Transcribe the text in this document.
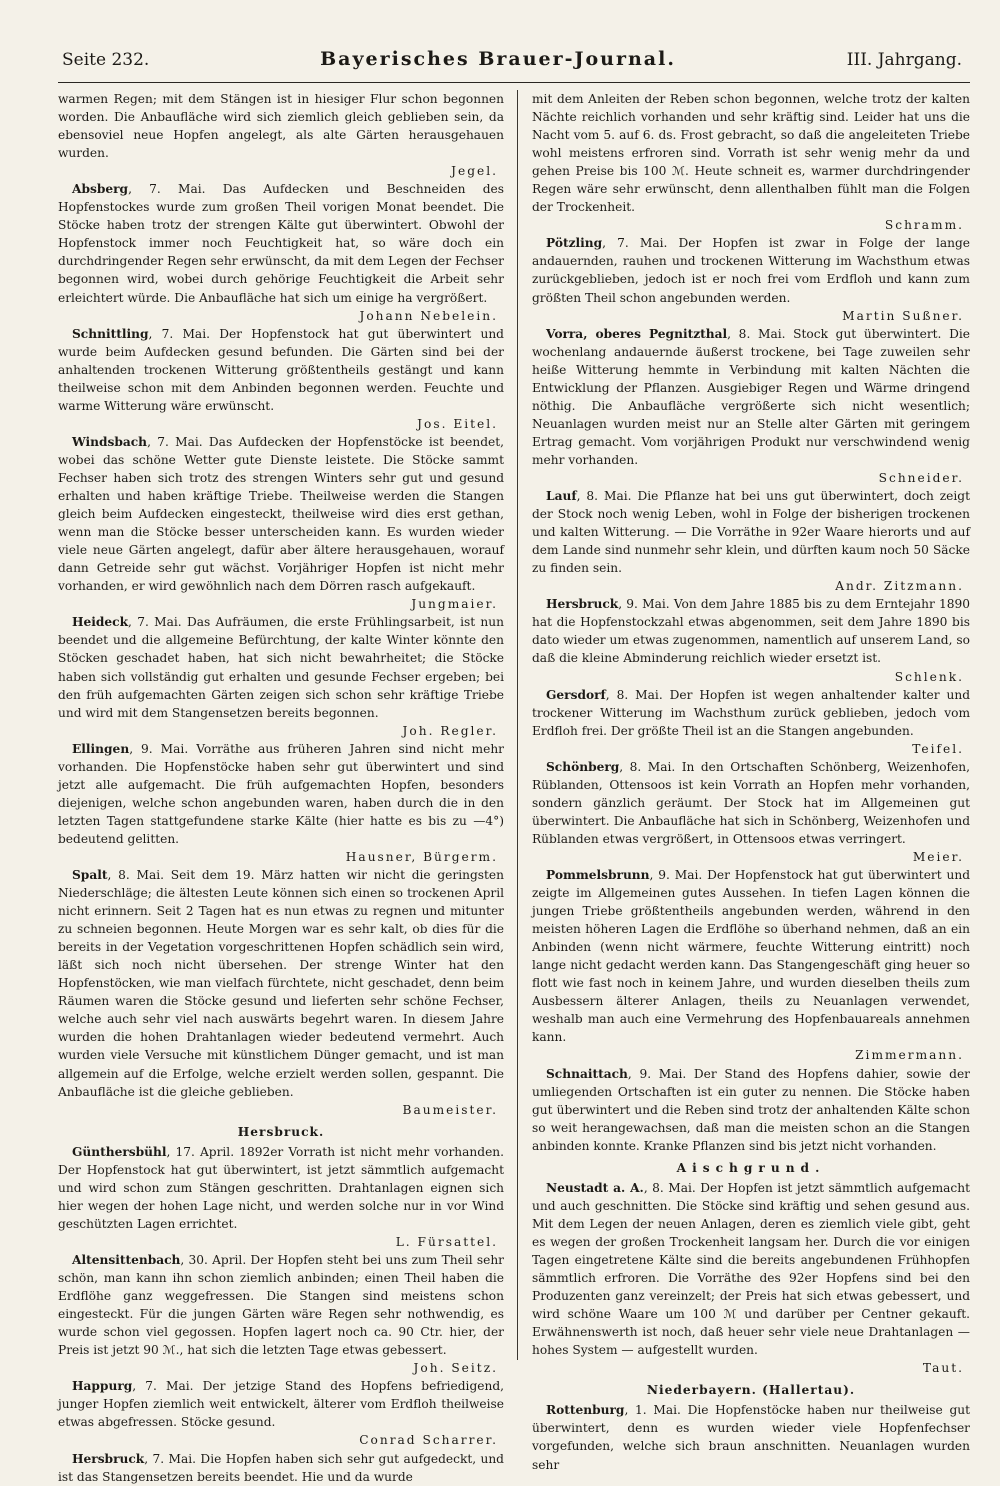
Seite 232.	Bayerisches Brauer-Journal.	III. Jahrgang.

warmen Regen; mit dem Stängen ist in hiesiger Flur schon begonnen worden. Die Anbaufläche wird sich ziemlich gleich geblieben sein, da ebensoviel neue Hopfen angelegt, als alte Gärten herausgehauen wurden.

Jegel.

Absberg, 7. Mai. Das Aufdecken und Beschneiden des Hopfenstockes wurde zum großen Theil vorigen Monat beendet. Die Stöcke haben trotz der strengen Kälte gut überwintert. Obwohl der Hopfenstock immer noch Feuchtigkeit hat, so wäre doch ein durchdringender Regen sehr erwünscht, da mit dem Legen der Fechser begonnen wird, wobei durch gehörige Feuchtigkeit die Arbeit sehr erleichtert würde. Die Anbaufläche hat sich um einige ha vergrößert.

Johann Nebelein.

Schnittling, 7. Mai. Der Hopfenstock hat gut überwintert und wurde beim Aufdecken gesund befunden. Die Gärten sind bei der anhaltenden trockenen Witterung größtentheils gestängt und kann theilweise schon mit dem Anbinden begonnen werden. Feuchte und warme Witterung wäre erwünscht.

Jos. Eitel.

Windsbach, 7. Mai. Das Aufdecken der Hopfenstöcke ist beendet, wobei das schöne Wetter gute Dienste leistete. Die Stöcke sammt Fechser haben sich trotz des strengen Winters sehr gut und gesund erhalten und haben kräftige Triebe. Theilweise werden die Stangen gleich beim Aufdecken eingesteckt, theilweise wird dies erst gethan, wenn man die Stöcke besser unterscheiden kann. Es wurden wieder viele neue Gärten angelegt, dafür aber ältere herausgehauen, worauf dann Getreide sehr gut wächst. Vorjähriger Hopfen ist nicht mehr vorhanden, er wird gewöhnlich nach dem Dörren rasch aufgekauft.

Jungmaier.

Heideck, 7. Mai. Das Aufräumen, die erste Frühlingsarbeit, ist nun beendet und die allgemeine Befürchtung, der kalte Winter könnte den Stöcken geschadet haben, hat sich nicht bewahrheitet; die Stöcke haben sich vollständig gut erhalten und gesunde Fechser ergeben; bei den früh aufgemachten Gärten zeigen sich schon sehr kräftige Triebe und wird mit dem Stangensetzen bereits begonnen.

Joh. Regler.

Ellingen, 9. Mai. Vorräthe aus früheren Jahren sind nicht mehr vorhanden. Die Hopfenstöcke haben sehr gut überwintert und sind jetzt alle aufgemacht. Die früh aufgemachten Hopfen, besonders diejenigen, welche schon angebunden waren, haben durch die in den letzten Tagen stattgefundene starke Kälte (hier hatte es bis zu —4°) bedeutend gelitten.

Hausner, Bürgerm.

Spalt, 8. Mai. Seit dem 19. März hatten wir nicht die geringsten Niederschläge; die ältesten Leute können sich einen so trockenen April nicht erinnern. Seit 2 Tagen hat es nun etwas zu regnen und mitunter zu schneien begonnen. Heute Morgen war es sehr kalt, ob dies für die bereits in der Vegetation vorgeschrittenen Hopfen schädlich sein wird, läßt sich noch nicht übersehen. Der strenge Winter hat den Hopfenstöcken, wie man vielfach fürchtete, nicht geschadet, denn beim Räumen waren die Stöcke gesund und lieferten sehr schöne Fechser, welche auch sehr viel nach auswärts begehrt waren. In diesem Jahre wurden die hohen Drahtanlagen wieder bedeutend vermehrt. Auch wurden viele Versuche mit künstlichem Dünger gemacht, und ist man allgemein auf die Erfolge, welche erzielt werden sollen, gespannt. Die Anbaufläche ist die gleiche geblieben.

Baumeister.
Hersbruck.

Günthersbühl, 17. April. 1892er Vorrath ist nicht mehr vorhanden. Der Hopfenstock hat gut überwintert, ist jetzt sämmtlich aufgemacht und wird schon zum Stängen geschritten. Drahtanlagen eignen sich hier wegen der hohen Lage nicht, und werden solche nur in vor Wind geschützten Lagen errichtet.

L. Fürsattel.

Altensittenbach, 30. April. Der Hopfen steht bei uns zum Theil sehr schön, man kann ihn schon ziemlich anbinden; einen Theil haben die Erdflöhe ganz weggefressen. Die Stangen sind meistens schon eingesteckt. Für die jungen Gärten wäre Regen sehr nothwendig, es wurde schon viel gegossen. Hopfen lagert noch ca. 90 Ctr. hier, der Preis ist jetzt 90 ℳ., hat sich die letzten Tage etwas gebessert.

Joh. Seitz.

Happurg, 7. Mai. Der jetzige Stand des Hopfens befriedigend, junger Hopfen ziemlich weit entwickelt, älterer vom Erdfloh theilweise etwas abgefressen. Stöcke gesund.

Conrad Scharrer.

Hersbruck, 7. Mai. Die Hopfen haben sich sehr gut aufgedeckt, und ist das Stangensetzen bereits beendet. Hie und da wurde

mit dem Anleiten der Reben schon begonnen, welche trotz der kalten Nächte reichlich vorhanden und sehr kräftig sind. Leider hat uns die Nacht vom 5. auf 6. ds. Frost gebracht, so daß die angeleiteten Triebe wohl meistens erfroren sind. Vorrath ist sehr wenig mehr da und gehen Preise bis 100 ℳ. Heute schneit es, warmer durchdringender Regen wäre sehr erwünscht, denn allenthalben fühlt man die Folgen der Trockenheit.

Schramm.

Pötzling, 7. Mai. Der Hopfen ist zwar in Folge der lange andauernden, rauhen und trockenen Witterung im Wachsthum etwas zurückgeblieben, jedoch ist er noch frei vom Erdfloh und kann zum größten Theil schon angebunden werden.

Martin Sußner.

Vorra, oberes Pegnitzthal, 8. Mai. Stock gut überwintert. Die wochenlang andauernde äußerst trockene, bei Tage zuweilen sehr heiße Witterung hemmte in Verbindung mit kalten Nächten die Entwicklung der Pflanzen. Ausgiebiger Regen und Wärme dringend nöthig. Die Anbaufläche vergrößerte sich nicht wesentlich; Neuanlagen wurden meist nur an Stelle alter Gärten mit geringem Ertrag gemacht. Vom vorjährigen Produkt nur verschwindend wenig mehr vorhanden.

Schneider.

Lauf, 8. Mai. Die Pflanze hat bei uns gut überwintert, doch zeigt der Stock noch wenig Leben, wohl in Folge der bisherigen trockenen und kalten Witterung. — Die Vorräthe in 92er Waare hierorts und auf dem Lande sind nunmehr sehr klein, und dürften kaum noch 50 Säcke zu finden sein.

Andr. Zitzmann.

Hersbruck, 9. Mai. Von dem Jahre 1885 bis zu dem Erntejahr 1890 hat die Hopfenstockzahl etwas abgenommen, seit dem Jahre 1890 bis dato wieder um etwas zugenommen, namentlich auf unserem Land, so daß die kleine Abminderung reichlich wieder ersetzt ist.

Schlenk.

Gersdorf, 8. Mai. Der Hopfen ist wegen anhaltender kalter und trockener Witterung im Wachsthum zurück geblieben, jedoch vom Erdfloh frei. Der größte Theil ist an die Stangen angebunden.

Teifel.

Schönberg, 8. Mai. In den Ortschaften Schönberg, Weizenhofen, Rüblanden, Ottensoos ist kein Vorrath an Hopfen mehr vorhanden, sondern gänzlich geräumt. Der Stock hat im Allgemeinen gut überwintert. Die Anbaufläche hat sich in Schönberg, Weizenhofen und Rüblanden etwas vergrößert, in Ottensoos etwas verringert.

Meier.

Pommelsbrunn, 9. Mai. Der Hopfenstock hat gut überwintert und zeigte im Allgemeinen gutes Aussehen. In tiefen Lagen können die jungen Triebe größtentheils angebunden werden, während in den meisten höheren Lagen die Erdflöhe so überhand nehmen, daß an ein Anbinden (wenn nicht wärmere, feuchte Witterung eintritt) noch lange nicht gedacht werden kann. Das Stangengeschäft ging heuer so flott wie fast noch in keinem Jahre, und wurden dieselben theils zum Ausbessern älterer Anlagen, theils zu Neuanlagen verwendet, weshalb man auch eine Vermehrung des Hopfenbauareals annehmen kann.

Zimmermann.

Schnaittach, 9. Mai. Der Stand des Hopfens dahier, sowie der umliegenden Ortschaften ist ein guter zu nennen. Die Stöcke haben gut überwintert und die Reben sind trotz der anhaltenden Kälte schon so weit herangewachsen, daß man die meisten schon an die Stangen anbinden konnte. Kranke Pflanzen sind bis jetzt nicht vorhanden.

Aischgrund.

Neustadt a. A., 8. Mai. Der Hopfen ist jetzt sämmtlich aufgemacht und auch geschnitten. Die Stöcke sind kräftig und sehen gesund aus. Mit dem Legen der neuen Anlagen, deren es ziemlich viele gibt, geht es wegen der großen Trockenheit langsam her. Durch die vor einigen Tagen eingetretene Kälte sind die bereits angebundenen Frühhopfen sämmtlich erfroren. Die Vorräthe des 92er Hopfens sind bei den Produzenten ganz vereinzelt; der Preis hat sich etwas gebessert, und wird schöne Waare um 100 ℳ und darüber per Centner gekauft. Erwähnenswerth ist noch, daß heuer sehr viele neue Drahtanlagen — hohes System — aufgestellt wurden.

Taut.
Niederbayern. (Hallertau).

Rottenburg, 1. Mai. Die Hopfenstöcke haben nur theilweise gut überwintert, denn es wurden wieder viele Hopfenfechser vorgefunden, welche sich braun anschnitten. Neuanlagen wurden sehr
